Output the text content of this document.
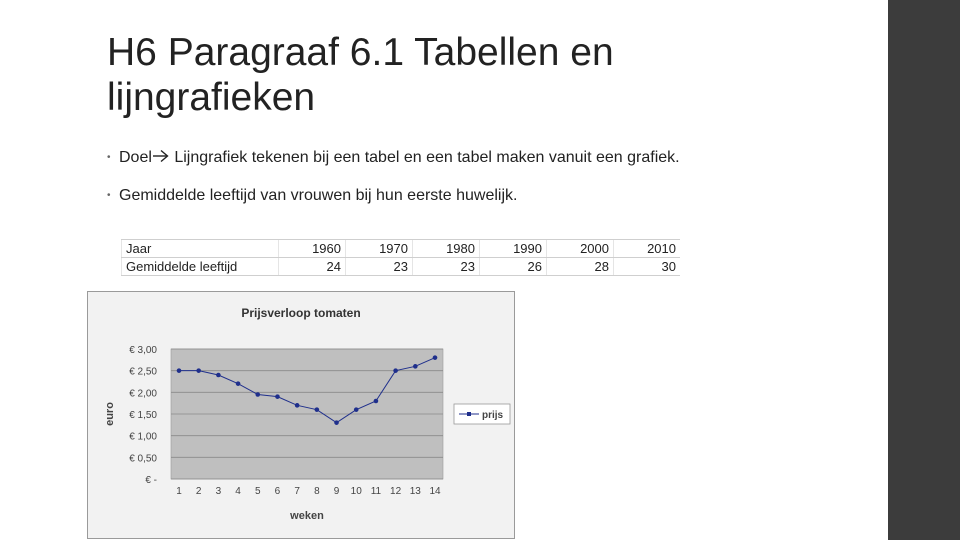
H6 Paragraaf 6.1 Tabellen en lijngrafieken
• Doel Lijngrafiek tekenen bij een tabel en een tabel maken vanuit een grafiek.
• Gemiddelde leeftijd van vrouwen bij hun eerste huwelijk.
Jaar	1960	1970	1980	1990	2000	2010
Gemiddelde leeftijd	24	23	23	26	28	30
Prijsverloop tomaten
€ 3,00
€ 2,50
€ 2,00
€ 1,50
€ 1,00
€ 0,50
€ -
1 2 3 4 5 6 7 8 9 10 11 12 13 14
weken
euro	prijs
